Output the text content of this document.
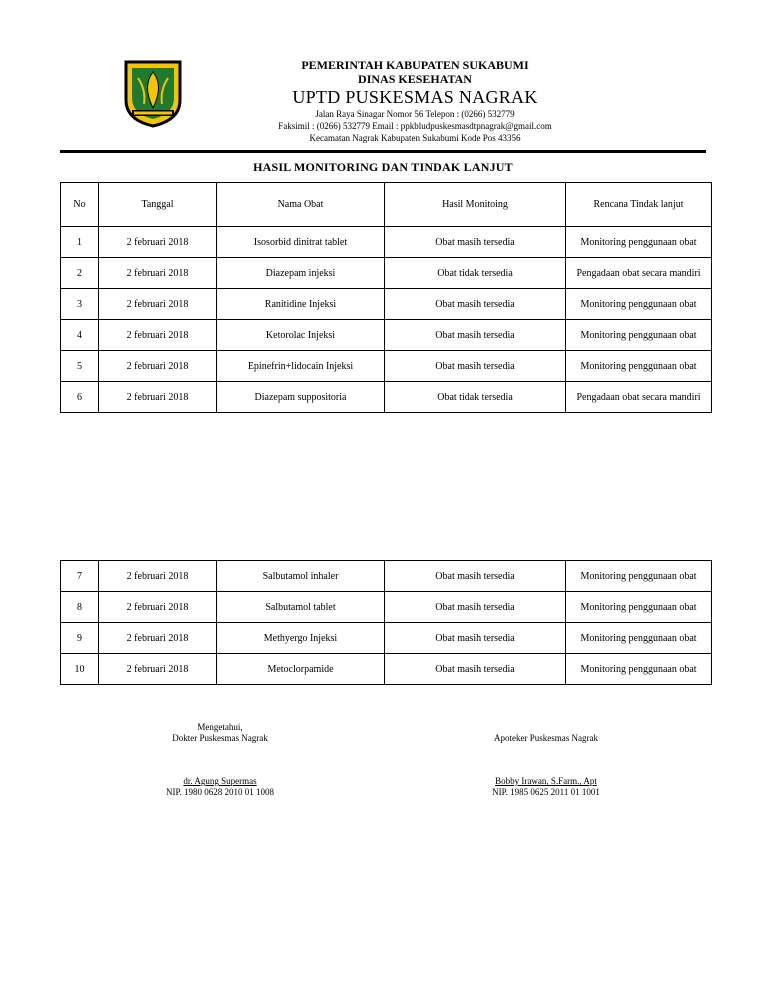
PEMERINTAH KABUPATEN SUKABUMI
DINAS KESEHATAN
UPTD PUSKESMAS NAGRAK
Jalan Raya Sinagar Nomor 56 Telepon : (0266) 532779
Faksimil : (0266) 532779 Email : ppkbludpuskesmasdtpnagrak@gmail.com
Kecamatan Nagrak Kabupaten Sukabumi Kode Pos 43356
HASIL MONITORING DAN TINDAK LANJUT
No	Tanggal	Nama Obat	Hasil Monitoing	Rencana Tindak lanjut
1	2 februari 2018	Isosorbid dinitrat tablet	Obat masih tersedia	Monitoring penggunaan obat
2	2 februari 2018	Diazepam injeksi	Obat tidak tersedia	Pengadaan obat secara mandiri
3	2 februari 2018	Ranitidine Injeksi	Obat masih tersedia	Monitoring penggunaan obat
4	2 februari 2018	Ketorolac Injeksi	Obat masih tersedia	Monitoring penggunaan obat
5	2 februari 2018	Epinefrin+lidocain Injeksi	Obat masih tersedia	Monitoring penggunaan obat
6	2 februari 2018	Diazepam suppositoria	Obat tidak tersedia	Pengadaan obat secara mandiri
7	2 februari 2018	Salbutamol inhaler	Obat masih tersedia	Monitoring penggunaan obat
8	2 februari 2018	Salbutamol tablet	Obat masih tersedia	Monitoring penggunaan obat
9	2 februari 2018	Methyergo Injeksi	Obat masih tersedia	Monitoring penggunaan obat
10	2 februari 2018	Metoclorpamide	Obat masih tersedia	Monitoring penggunaan obat
Mengetahui,
Dokter Puskesmas Nagrak
dr. Agung Supermas
NIP. 1980 0628 2010 01 1008
Apoteker Puskesmas Nagrak
Bobby Irawan, S.Farm., Apt
NIP. 1985 0625 2011 01 1001
